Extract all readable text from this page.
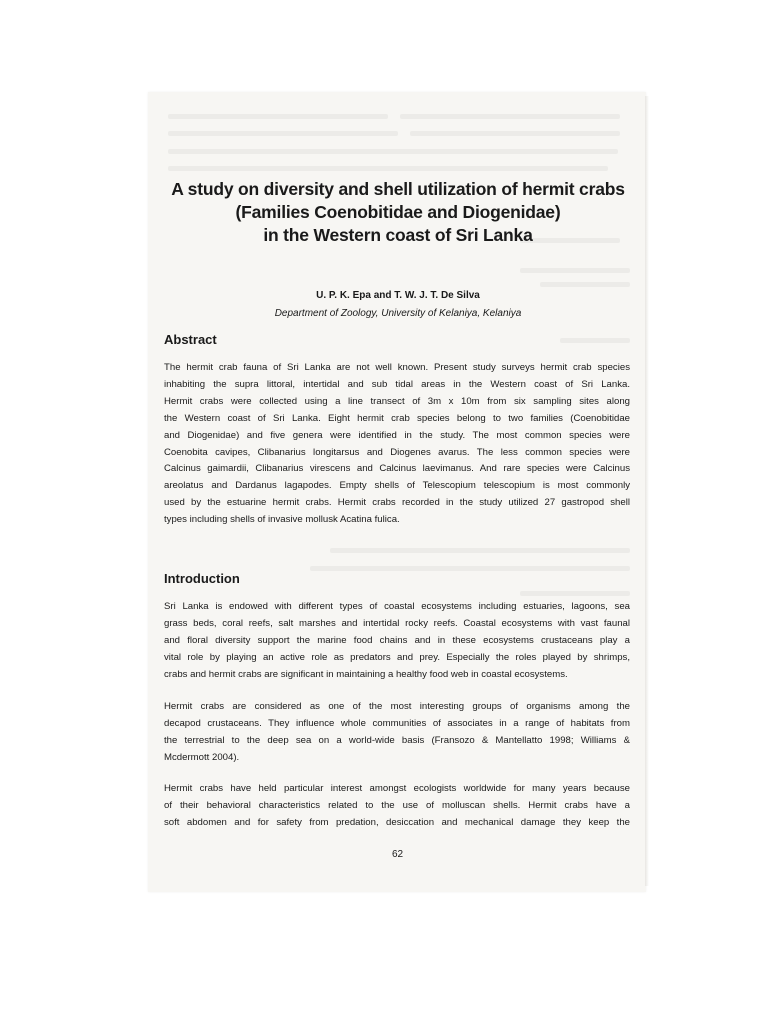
A study on diversity and shell utilization of hermit crabs
(Families Coenobitidae and Diogenidae)
in the Western coast of Sri Lanka
U. P. K. Epa and T. W. J. T. De Silva
Department of Zoology, University of Kelaniya, Kelaniya
Abstract

The hermit crab fauna of Sri Lanka are not well known. Present study surveys hermit crab species
inhabiting the supra littoral, intertidal and sub tidal areas in the Western coast of Sri Lanka.
Hermit crabs were collected using a line transect of 3m x 10m from six sampling sites along
the Western coast of Sri Lanka. Eight hermit crab species belong to two families (Coenobitidae
and Diogenidae) and five genera were identified in the study. The most common species were
Coenobita cavipes, Clibanarius longitarsus and Diogenes avarus. The less common species were
Calcinus gaimardii, Clibanarius virescens and Calcinus laevimanus. And rare species were Calcinus
areolatus and Dardanus lagapodes. Empty shells of Telescopium telescopium is most commonly
used by the estuarine hermit crabs. Hermit crabs recorded in the study utilized 27 gastropod shell
types including shells of invasive mollusk Acatina fulica.

Introduction

Sri Lanka is endowed with different types of coastal ecosystems including estuaries, lagoons, sea
grass beds, coral reefs, salt marshes and intertidal rocky reefs. Coastal ecosystems with vast faunal
and floral diversity support the marine food chains and in these ecosystems crustaceans play a
vital role by playing an active role as predators and prey. Especially the roles played by shrimps,
crabs and hermit crabs are significant in maintaining a healthy food web in coastal ecosystems.

Hermit crabs are considered as one of the most interesting groups of organisms among the
decapod crustaceans. They influence whole communities of associates in a range of habitats from
the terrestrial to the deep sea on a world-wide basis (Fransozo & Mantellatto 1998; Williams &
Mcdermott 2004).

Hermit crabs have held particular interest amongst ecologists worldwide for many years because
of their behavioral characteristics related to the use of molluscan shells. Hermit crabs have a
soft abdomen and for safety from predation, desiccation and mechanical damage they keep the

62
